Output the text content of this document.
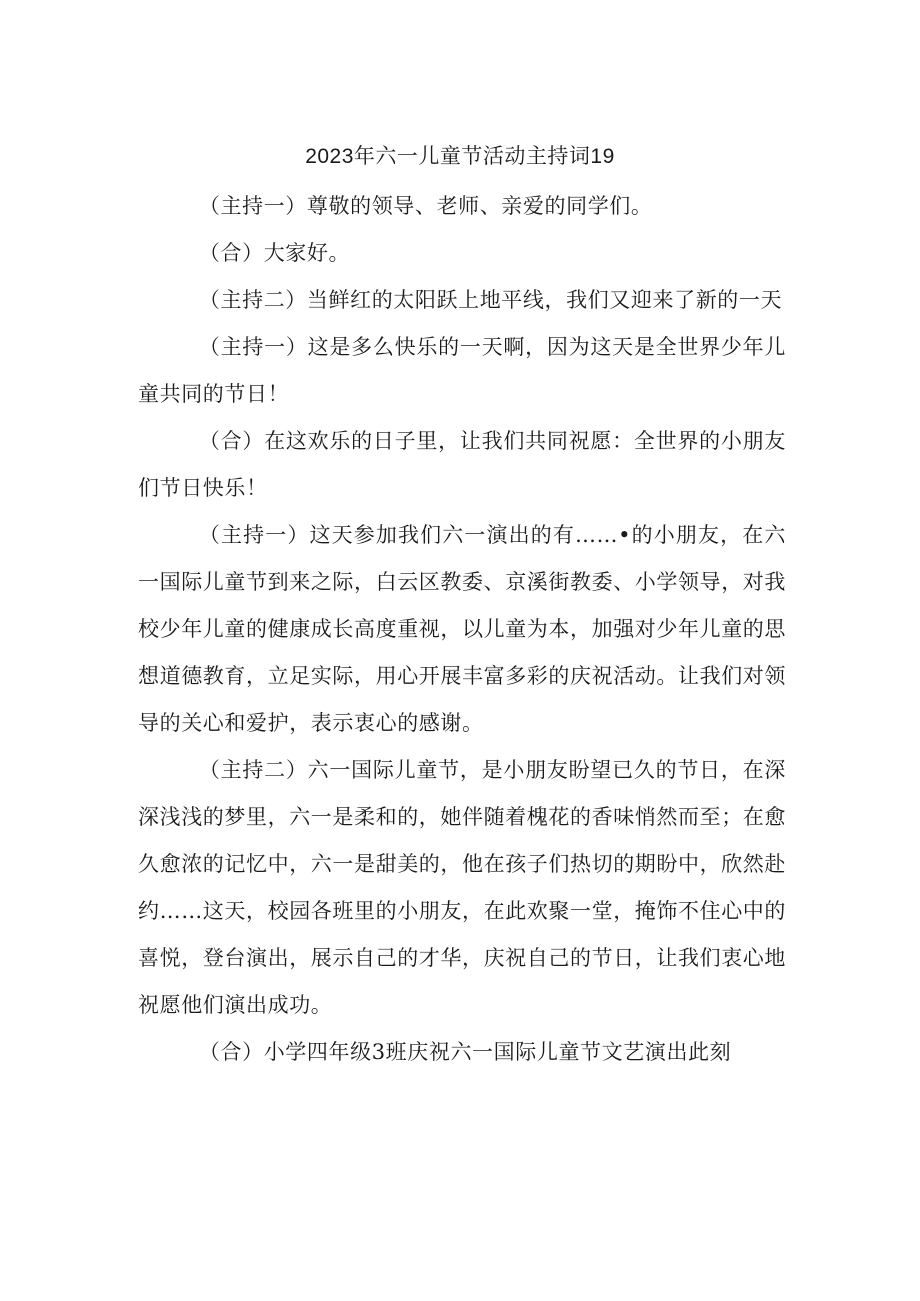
2023年六一儿童节活动主持词19

（主持一）尊敬的领导、老师、亲爱的同学们。

（合）大家好。

（主持二）当鲜红的太阳跃上地平线，我们又迎来了新的一天

（主持一）这是多么快乐的一天啊，因为这天是全世界少年儿童共同的节日！

（合）在这欢乐的日子里，让我们共同祝愿：全世界的小朋友们节日快乐！

（主持一）这天参加我们六一演出的有……•的小朋友，在六一国际儿童节到来之际，白云区教委、京溪街教委、小学领导，对我校少年儿童的健康成长高度重视，以儿童为本，加强对少年儿童的思想道德教育，立足实际，用心开展丰富多彩的庆祝活动。让我们对领导的关心和爱护，表示衷心的感谢。

（主持二）六一国际儿童节，是小朋友盼望已久的节日，在深深浅浅的梦里，六一是柔和的，她伴随着槐花的香味悄然而至；在愈久愈浓的记忆中，六一是甜美的，他在孩子们热切的期盼中，欣然赴约……这天，校园各班里的小朋友，在此欢聚一堂，掩饰不住心中的喜悦，登台演出，展示自己的才华，庆祝自己的节日，让我们衷心地祝愿他们演出成功。

（合）小学四年级3班庆祝六一国际儿童节文艺演出此刻
